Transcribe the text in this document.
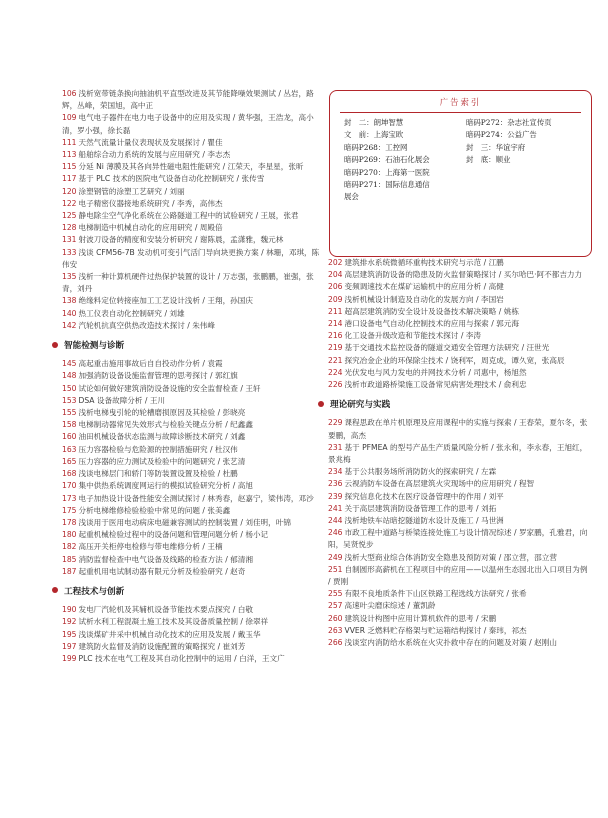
广告索引
封　二：朗坤智慧
文　前：上海宝欧
暗码P268：工控网
暗码P269：石油石化展会
暗码P270：上海第一医院
暗码P271：国际信息通信
展会
暗码P272：杂志社宣传页
暗码P274：公益广告
封　三：华谊宇府
封　底：顺业

106 浅析宽带链条换向抽油机平直型改进及其节能降噪效果测试 / 丛岩，路辉，丛峰，荣国旭，高中正

109 电气电子器件在电力电子设备中的应用及实现 / 黄华强，王浩龙，高小清，罗小强，徐长磊

111 天然气流量计量仪表现状及发展探讨 / 瞿佳

113 船舶综合动力系统的发展与应用研究 / 李志杰

115 分延 Ni 薄膜及其各向异性磁电阻性能研究 / 江荣天，李星星，张昕

117 基于 PLC 技术的医院电气设备自动化控制研究 / 张传雪

120 涂塑钢管的涂塑工艺研究 / 刘丽

122 电子精密仪器接地系统研究 / 李秀，高伟杰

125 静电除尘空气净化系统在公路隧道工程中的试验研究 / 王展，张君

128 电梯制造中机械自动化的应用研究 / 周殿倍

131 射波刀设备的精度和安装分析研究 / 谢陈晨，孟潇雅，魏元林

133 浅谈 CFM56-7B 发动机可变引气活门导向块更换方案 / 林珊，邓琪，陈伟安

135 浅析一种计算机硬件过热保护装置的设计 / 万志强，张鹏鹏，崔强，张青，刘丹

138 绝缘料定位转接座加工工艺设计浅析 / 王翔，孙国庆

140 热工仪表自动化控制研究 / 刘雄

142 汽轮机抗真空供热改造技术探讨 / 朱伟峰

智能检测与诊断

145 高起重击施用事故后自自投动作分析 / 袁霞

148 加强消防设备设施监督管理的思考探讨 / 郭红旗

150 试论如何做好建筑消防设备设施的安全监督检查 / 王轩

153 DSA 设备故障分析 / 王川

155 浅析电梯曳引轮的轮槽磨损原因及其检验 / 彭晓亮

158 电梯制动器常见失效形式与检验关键点分析 / 纪鑫鑫

160 油田机械设备状态监测与故障诊断技术研究 / 刘鑫

163 压力容器检验与危险源的控制措施研究 / 杜汉伟

165 压力容器的应力测试及检验中的问题研究 / 张艺清

168 浅谈电梯层门和轿门等防装置设置及检验 / 杜鹏

170 集中供热系统调度网运行的模拟试验研究分析 / 高旭

173 电子加热设计设备性能安全测试探讨 / 林秀春，赵嘉宁，梁伟涛，邓沙

175 分析电梯维修检验检验中常见的问题 / 张美鑫

178 浅谈用于医用电动病床电磁兼容测试的控制装置 / 刘佳明，叶锦

180 起重机械检验过程中的设备问题和管理问题分析 / 杨小记

182 高压开关柜停电检修与带电维修分析 / 王楠

185 消防监督检查中电气设备及线路的检查方法 / 郁清湘

187 起重机用电试制动器有限元分析及检验研究 / 赵奇

工程技术与创新

190 发电厂汽轮机及其辅机设备节能技术要点探究 / 白敬

192 试析水利工程混凝土施工技术及其设备质量控制 / 徐翠祥

195 浅谈煤矿井采中机械自动化技术的应用及发展 / 戴玉华

197 建筑防火监督及消防设施配置的策略探究 / 崔刘芳

199 PLC 技术在电气工程及其自动化控制中的运用 / 白洋，王文广

202 建筑排水系统微循环重构技术研究与示范 / 江鹏

204 高层建筑消防设备的隐患及防火监督策略探讨 / 买尔哈巴·阿不都吉力力

206 变频调速技术在煤矿运输机中的应用分析 / 高健

209 浅析机械设计制造及自动化的发展方向 / 李国岩

211 超高层建筑消防安全设计及设备技术解决策略 / 姚栋

214 港口设备电气自动化控制技术的应用与探索 / 郭元海

216 化工设备升级改造和节能技术探讨 / 李涛

219 基于交通技术监控设备的隧道交通安全管理方法研究 / 汪世光

221 探究冶金企业的环保除尘技术 / 饶利军，周克成，谭久宽，张高辰

224 光伏发电与风力发电的并网技术分析 / 司惠中，杨旭然

226 浅析市政道路桥梁施工设备常见病害处理技术 / 俞利忠

理论研究与实践

229 课程思政在单片机原理及应用课程中的实施与探索 / 王春荣，夏尔冬，张要鹏，高杰

231 基于 PFMEA 的型号产品生产质量风险分析 / 张永和，李永春，王旭红，景兆梅

234 基于公共服务场所消防防火的探索研究 / 左霖

236 云视消防车设备在高层建筑火灾现场中的应用研究 / 程智

239 探究信息化技术在医疗设备管理中的作用 / 刘平

241 关于高层建筑消防设备管理工作的思考 / 刘拓

244 浅析地铁车站暗挖隧道防水设计及施工 / 马世洲

246 市政工程中道路与桥梁连接处施工与设计情况综述 / 罗家鹏，孔雅君，向阳，吴贤悦步

249 浅析大型商业综合体消防安全隐患及预防对策 / 邵立营，邵立营

251 自制圆形高薪机在工程项目中的应用——以温州生态园北出入口项目为例 / 贾刚

255 有限不良地质条件下山区铁路工程选线方法研究 / 张希

257 高速叶尖磨床综述 / 董凯龄

260 建筑设计构图中应用计算机软件的思考 / 宋鹏

263 VVER 乏燃料贮存格架与贮运箱结构探讨 / 秦玮，祁杰

266 浅谈室内消防给水系统在火灾扑救中存在的问题及对策 / 赵刚山
